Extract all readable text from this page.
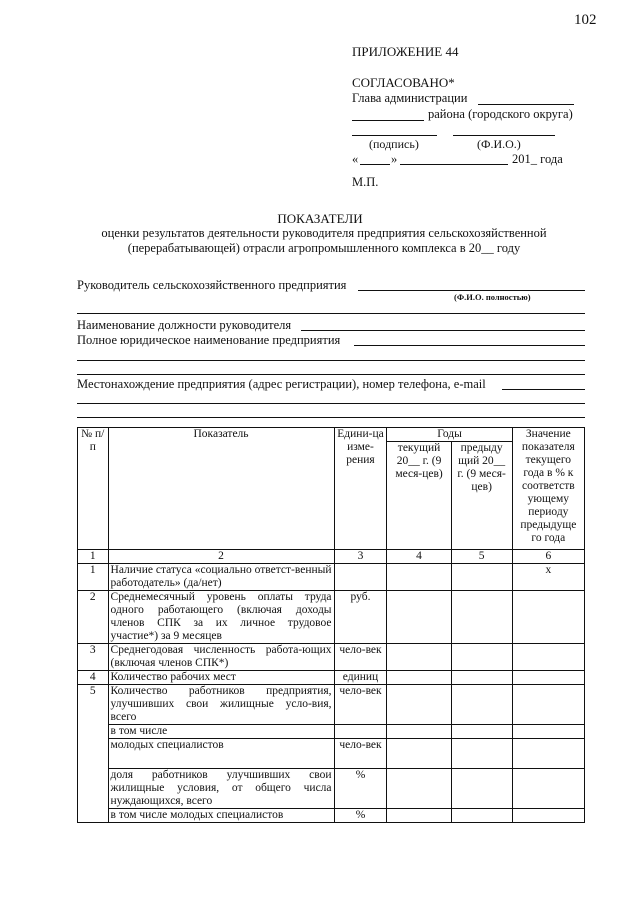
102
ПРИЛОЖЕНИЕ 44
СОГЛАСОВАНО*
Глава администрации
района (городского округа)
(подпись)	(Ф.И.О.)
«	»	201_ года
М.П.
ПОКАЗАТЕЛИ
оценки результатов деятельности руководителя предприятия сельскохозяйственной
(перерабатывающей) отрасли агропромышленного комплекса в 20__ году
Руководитель сельскохозяйственного предприятия
(Ф.И.О. полностью)
Наименование должности руководителя
Полное юридическое наименование предприятия
Местонахождение предприятия (адрес регистрации), номер телефона, e-mail
№ п/п	Показатель	Едини-ца изме-рения	Годы		Значение показателя текущего года в % к соответств ующему периоду предыдуще го года
			текущий 20__ г. (9 меся-цев)	предыду щий 20__ г. (9 меся-цев)	
1	2	3	4	5	6
1	Наличие статуса «социально ответст-венный работодатель» (да/нет)				х
2	Среднемесячный уровень оплаты труда одного работающего (включая доходы членов СПК за их личное трудовое участие*) за 9 месяцев	руб.			
3	Среднегодовая численность работа-ющих (включая членов СПК*)	чело-век			
4	Количество рабочих мест	единиц			
5	Количество работников предприятия, улучшивших свои жилищные усло-вия, всего	чело-век			
	в том числе				
	молодых специалистов	чело-век			
	доля работников улучшивших свои жилищные условия, от общего числа нуждающихся, всего	%			
	в том числе молодых специалистов	%			
